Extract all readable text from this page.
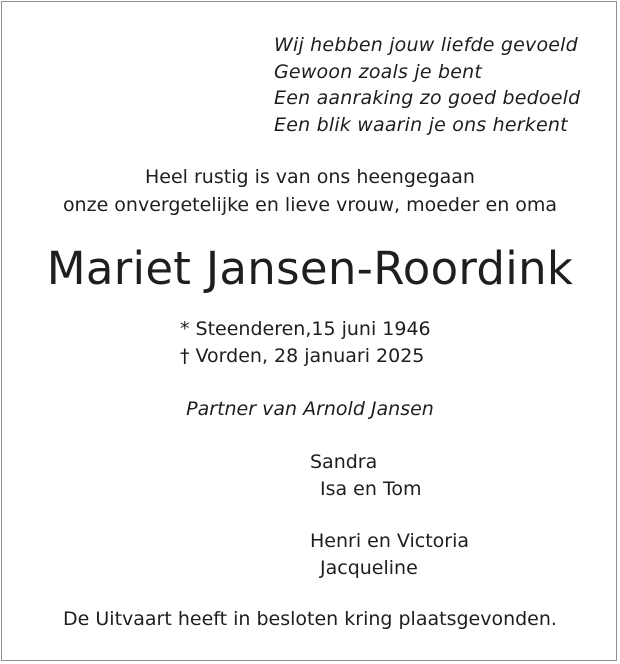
Wij hebben jouw liefde gevoeld

Gewoon zoals je bent

Een aanraking zo goed bedoeld

Een blik waarin je ons herkent

Heel rustig is van ons heengegaan

onze onvergetelijke en lieve vrouw, moeder en oma

Mariet Jansen-Roordink

* Steenderen,15 juni 1946

† Vorden, 28 januari 2025

Partner van Arnold Jansen

Sandra

Isa en Tom

Henri en Victoria

Jacqueline

De Uitvaart heeft in besloten kring plaatsgevonden.
